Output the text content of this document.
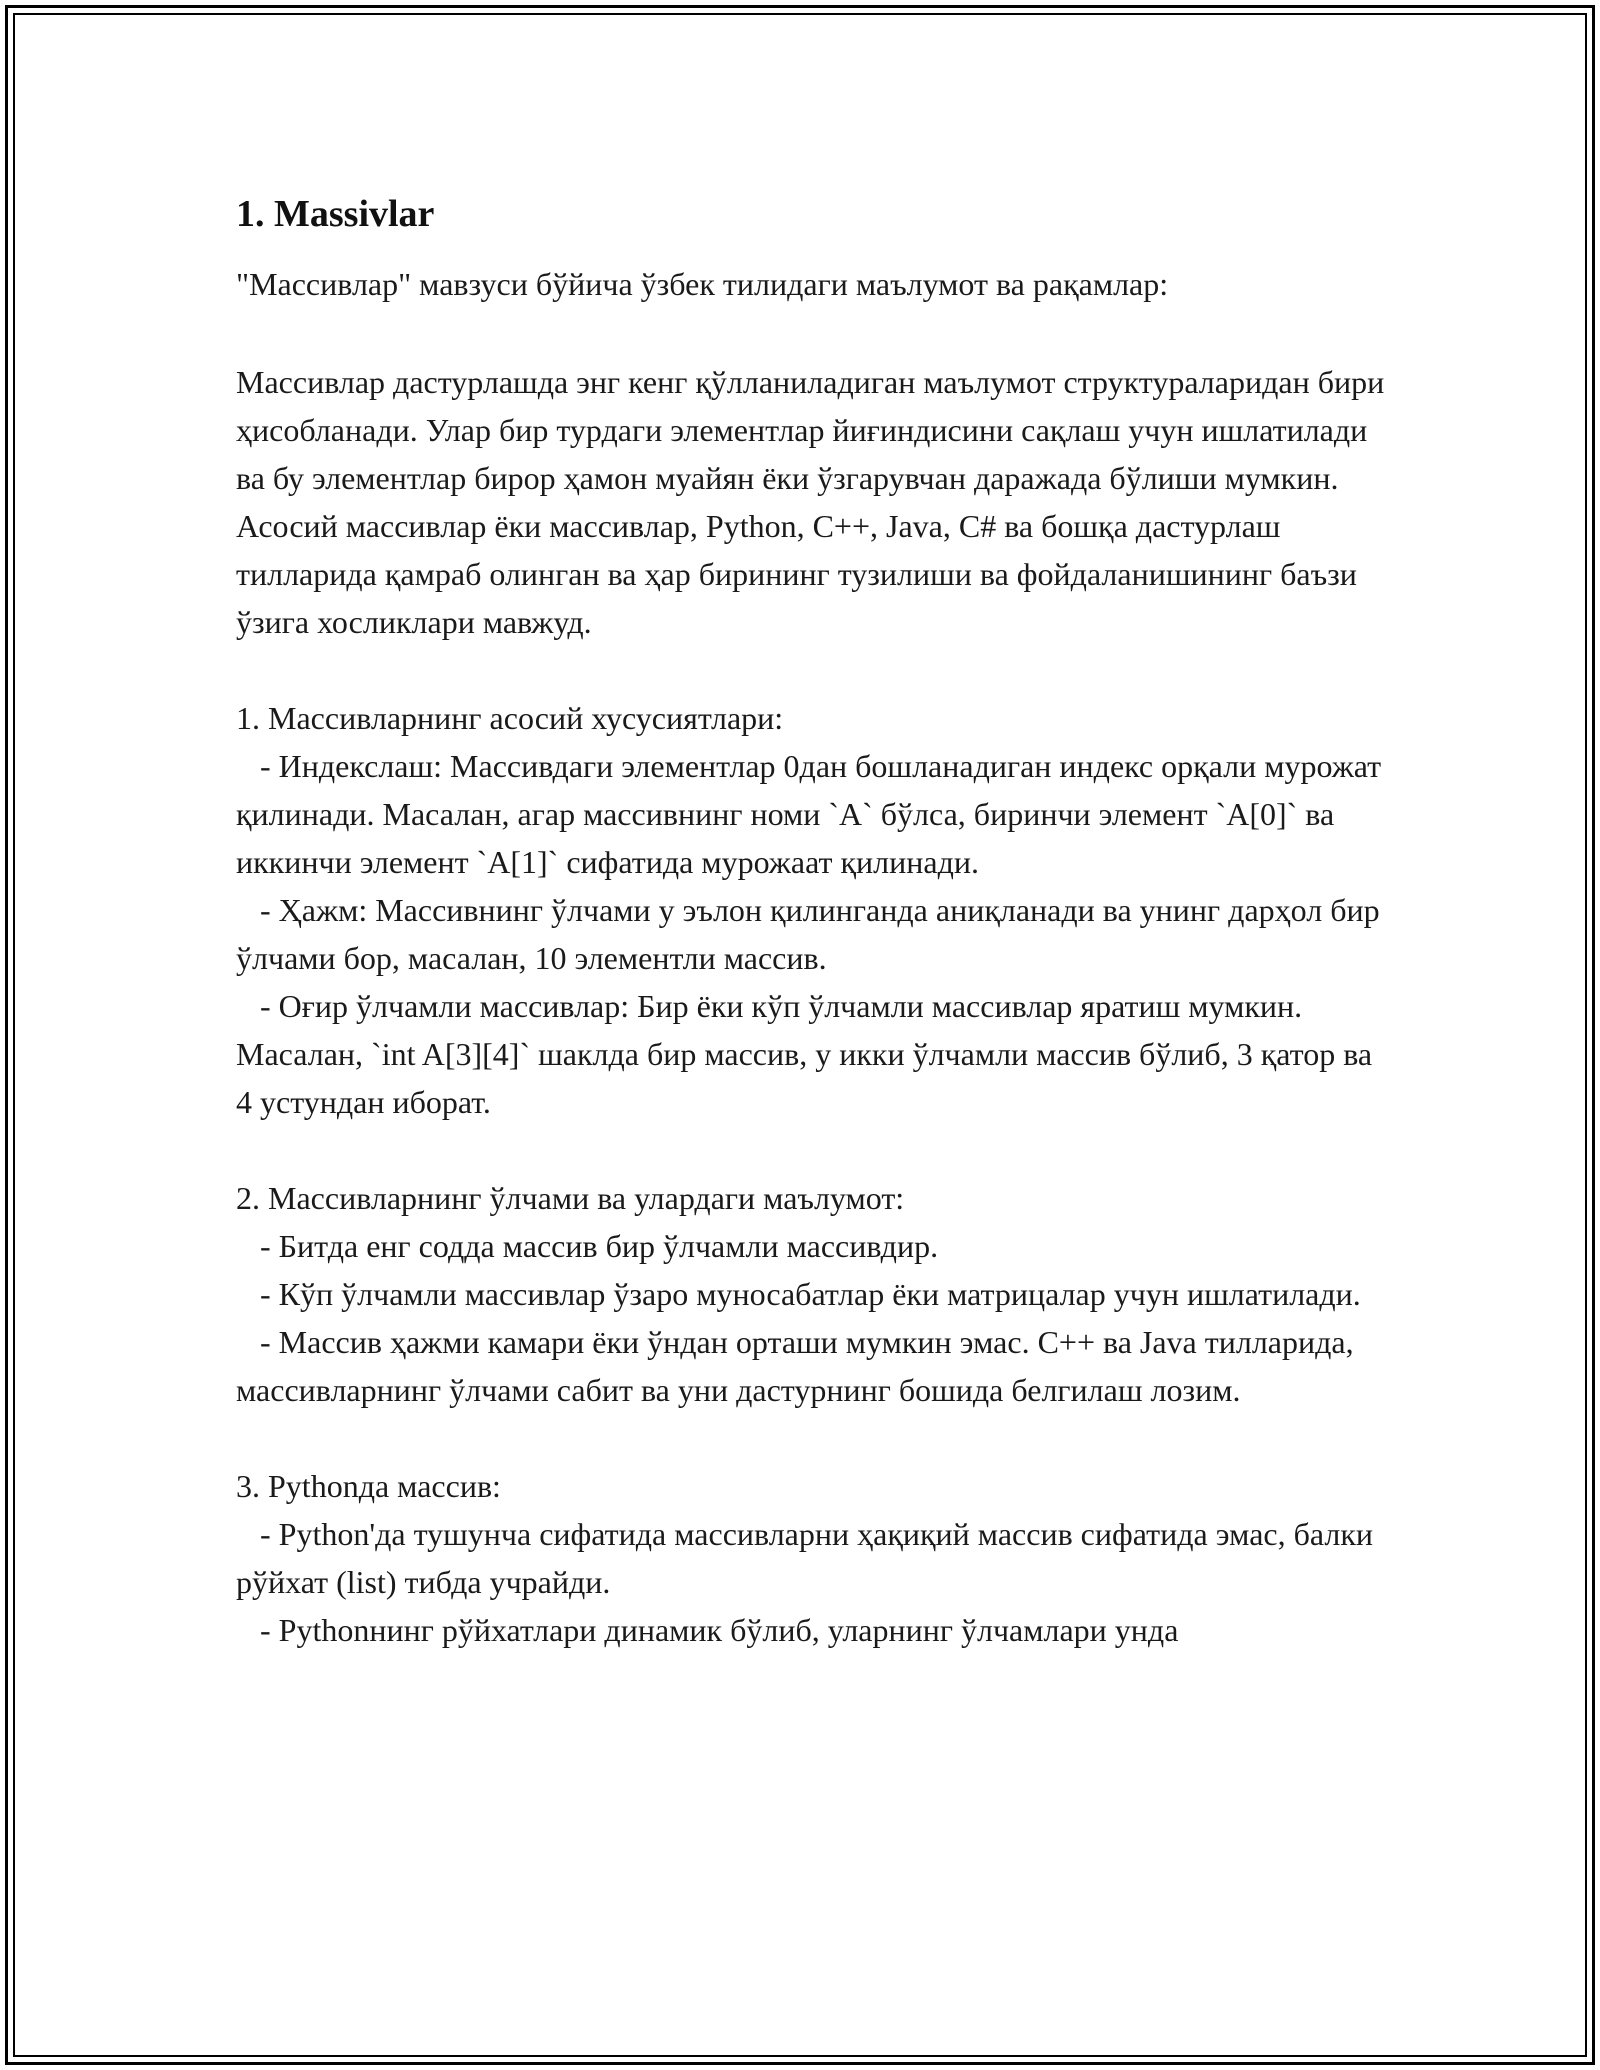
1. Massivlar

"Массивлар" мавзуси бўйича ўзбек тилидаги маълумот ва рақамлар:

Массивлар дастурлашда энг кенг қўлланиладиган маълумот структураларидан бири ҳисобланади. Улар бир турдаги элементлар йиғиндисини сақлаш учун ишлатилади ва бу элементлар бирор ҳамон муайян ёки ўзгарувчан даражада бўлиши мумкин. Асосий массивлар ёки массивлар, Python, C++, Java, C# ва бошқа дастурлаш тилларида қамраб олинган ва ҳар бирининг тузилиши ва фойдаланишининг баъзи ўзига хосликлари мавжуд.

1. Массивларнинг асосий хусусиятлари:

- Индекслаш: Массивдаги элементлар 0дан бошланадиган индекс орқали мурожат қилинади. Масалан, агар массивнинг номи `A` бўлса, биринчи элемент `A[0]` ва иккинчи элемент `A[1]` сифатида мурожаат қилинади.

- Ҳажм: Массивнинг ўлчами у эълон қилинганда аниқланади ва унинг дарҳол бир ўлчами бор, масалан, 10 элементли массив.

- Оғир ўлчамли массивлар: Бир ёки кўп ўлчамли массивлар яратиш мумкин. Масалан, `int A[3][4]` шаклда бир массив, у икки ўлчамли массив бўлиб, 3 қатор ва 4 устундан иборат.

2. Массивларнинг ўлчами ва улардаги маълумот:

- Битда енг содда массив бир ўлчамли массивдир.

- Кўп ўлчамли массивлар ўзаро муносабатлар ёки матрицалар учун ишлатилади.

- Массив ҳажми камари ёки ўндан орташи мумкин эмас. C++ ва Java тилларида, массивларнинг ўлчами сабит ва уни дастурнинг бошида белгилаш лозим.

3. Pythonда массив:

- Python'да тушунча сифатида массивларни ҳақиқий массив сифатида эмас, балки рўйхат (list) тибда учрайди.

- Pythonнинг рўйхатлари динамик бўлиб, уларнинг ўлчамлари унда
